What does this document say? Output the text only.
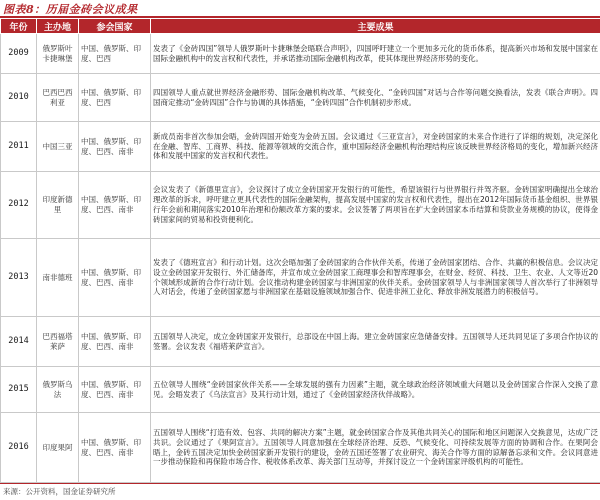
图表8：历届金砖会议成果
年份	主办地	参会国家	主要成果
2009	俄罗斯叶卡捷琳堡	中国、俄罗斯、印度、巴西	发表了《金砖四国”领导人俄罗斯叶卡捷琳堡会晤联合声明》，四国呼吁建立一个更加多元化的货币体系，提高新兴市场和发展中国家在国际金融机构中的发言权和代表性，并承诺推动国际金融机构改革，使其体现世界经济形势的变化。
2010	巴西巴西利亚	中国、俄罗斯、印度、巴西	四国领导人重点就世界经济金融形势、国际金融机构改革、气候变化、“金砖四国”对话与合作等问题交换看法，发表《联合声明》。四国商定推动“金砖四国”合作与协调的具体措施，“金砖四国”合作机制初步形成。
2011	中国三亚	中国、俄罗斯、印度、巴西、南非	新成员南非首次参加会晤，金砖四国开始变为金砖五国。会议通过《三亚宣言》，对金砖国家的未来合作进行了详细的规划，决定深化在金融、智库、工商界、科技、能源等领域的交流合作，重申国际经济金融机构治理结构应该反映世界经济格局的变化，增加新兴经济体和发展中国家的发言权和代表性。
2012	印度新德里	中国、俄罗斯、印度、巴西、南非	会议发表了《新德里宣言》，会议探讨了成立金砖国家开发银行的可能性，希望该银行与世界银行并驾齐驱。金砖国家明确提出全球治理改革的诉求，呼吁建立更具代表性的国际金融架构，提高发展中国家的发言权和代表性，提出在2012年国际货币基金组织、世界银行年会前和期间落实2010年治理和份额改革方案的要求。会议签署了两项旨在扩大金砖国家本币结算和贷款业务规模的协议，使得金砖国家间的贸易和投资便利化。
2013	南非德班	中国、俄罗斯、印度、巴西、南非	发表了《德班宣言》和行动计划。这次会晤加强了金砖国家的合作伙伴关系，传递了金砖国家团结、合作、共赢的积极信息。会议决定设立金砖国家开发银行、外汇储备库，并宣布成立金砖国家工商理事会和智库理事会，在财金、经贸、科技、卫生、农业、人文等近20个领域形成新的合作行动计划。会议推动构建金砖国家与非洲国家的伙伴关系。金砖国家领导人与非洲国家领导人首次举行了非洲领导人对话会，传递了金砖国家愿与非洲国家在基础设施领域加强合作、促进非洲工业化、释放非洲发展潜力的积极信号。
2014	巴西福塔莱萨	中国、俄罗斯、印度、巴西、南非	五国领导人决定，成立金砖国家开发银行，总部设在中国上海。建立金砖国家应急储备安排。五国领导人还共同见证了多项合作协议的签署。会议发表《福塔莱萨宣言》。
2015	俄罗斯乌法	中国、俄罗斯、印度、巴西、南非	五位领导人围绕“金砖国家伙伴关系——全球发展的强有力因素”主题，就全球政治经济领域重大问题以及金砖国家合作深入交换了意见。会晤发表了《乌法宣言》及其行动计划，通过了《金砖国家经济伙伴战略》。
2016	印度果阿	中国、俄罗斯、印度、巴西、南非	五国领导人围绕“打造有效、包容、共同的解决方案”主题，就金砖国家合作及其他共同关心的国际和地区问题深入交换意见，达成广泛共识。会议通过了《果阿宣言》。五国领导人同意加强在全球经济治理、反恐、气候变化、可持续发展等方面的协调和合作。在果阿会晤上，金砖五国决定加快金砖国家新开发银行的建设，金砖五国还签署了农业研究、海关合作等方面的谅解备忘录和文件。会议同意进一步推动保险和再保险市场合作、税收体系改革、海关部门互动等，并探讨设立一个金砖国家评级机构的可能性。
来源：公开资料，国金证券研究所
